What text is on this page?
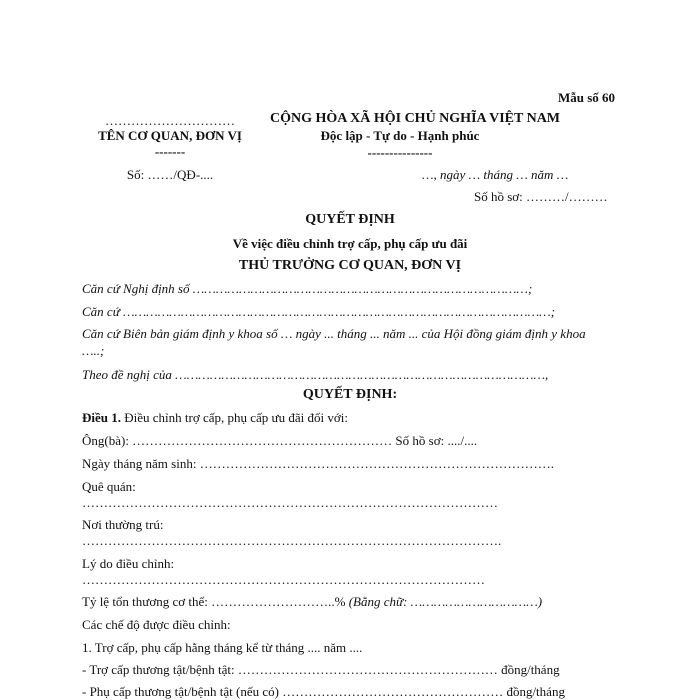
Mẫu số 60
…………………………
TÊN CƠ QUAN, ĐƠN VỊ
-------
Số: ……/QĐ-....
CỘNG HÒA XÃ HỘI CHỦ NGHĨA VIỆT NAM
Độc lập - Tự do - Hạnh phúc
---------------
…, ngày … tháng … năm …
Số hồ sơ: ………/………
QUYẾT ĐỊNH
Về việc điều chỉnh trợ cấp, phụ cấp ưu đãi
THỦ TRƯỞNG CƠ QUAN, ĐƠN VỊ
Căn cứ Nghị định số ……………………………………………………………………………;
Căn cứ …………………………………………………………………………………………………;
Căn cứ Biên bản giám định y khoa số … ngày ... tháng ... năm ... của Hội đồng giám định y khoa
…..;
Theo đề nghị của ……………………………………………………………………………………,
QUYẾT ĐỊNH:
Điều 1. Điều chỉnh trợ cấp, phụ cấp ưu đãi đối với:
Ông(bà): …………………………………………………… Số hồ sơ: ..../....
Ngày tháng năm sinh: ……………………………………………………………………….
Quê quán:
……………………………………………………………………………………
Nơi thường trú:
…………………………………………………………………………………….
Lý do điều chỉnh:
…………………………………………………………………………………
Tỷ lệ tổn thương cơ thể: ………………………..% (Bằng chữ: ……………………………)
Các chế độ được điều chỉnh:
1. Trợ cấp, phụ cấp hằng tháng kể từ tháng .... năm ....
- Trợ cấp thương tật/bệnh tật: …………………………………………………… đồng/tháng
- Phụ cấp thương tật/bệnh tật (nếu có) …………………………………………… đồng/tháng
